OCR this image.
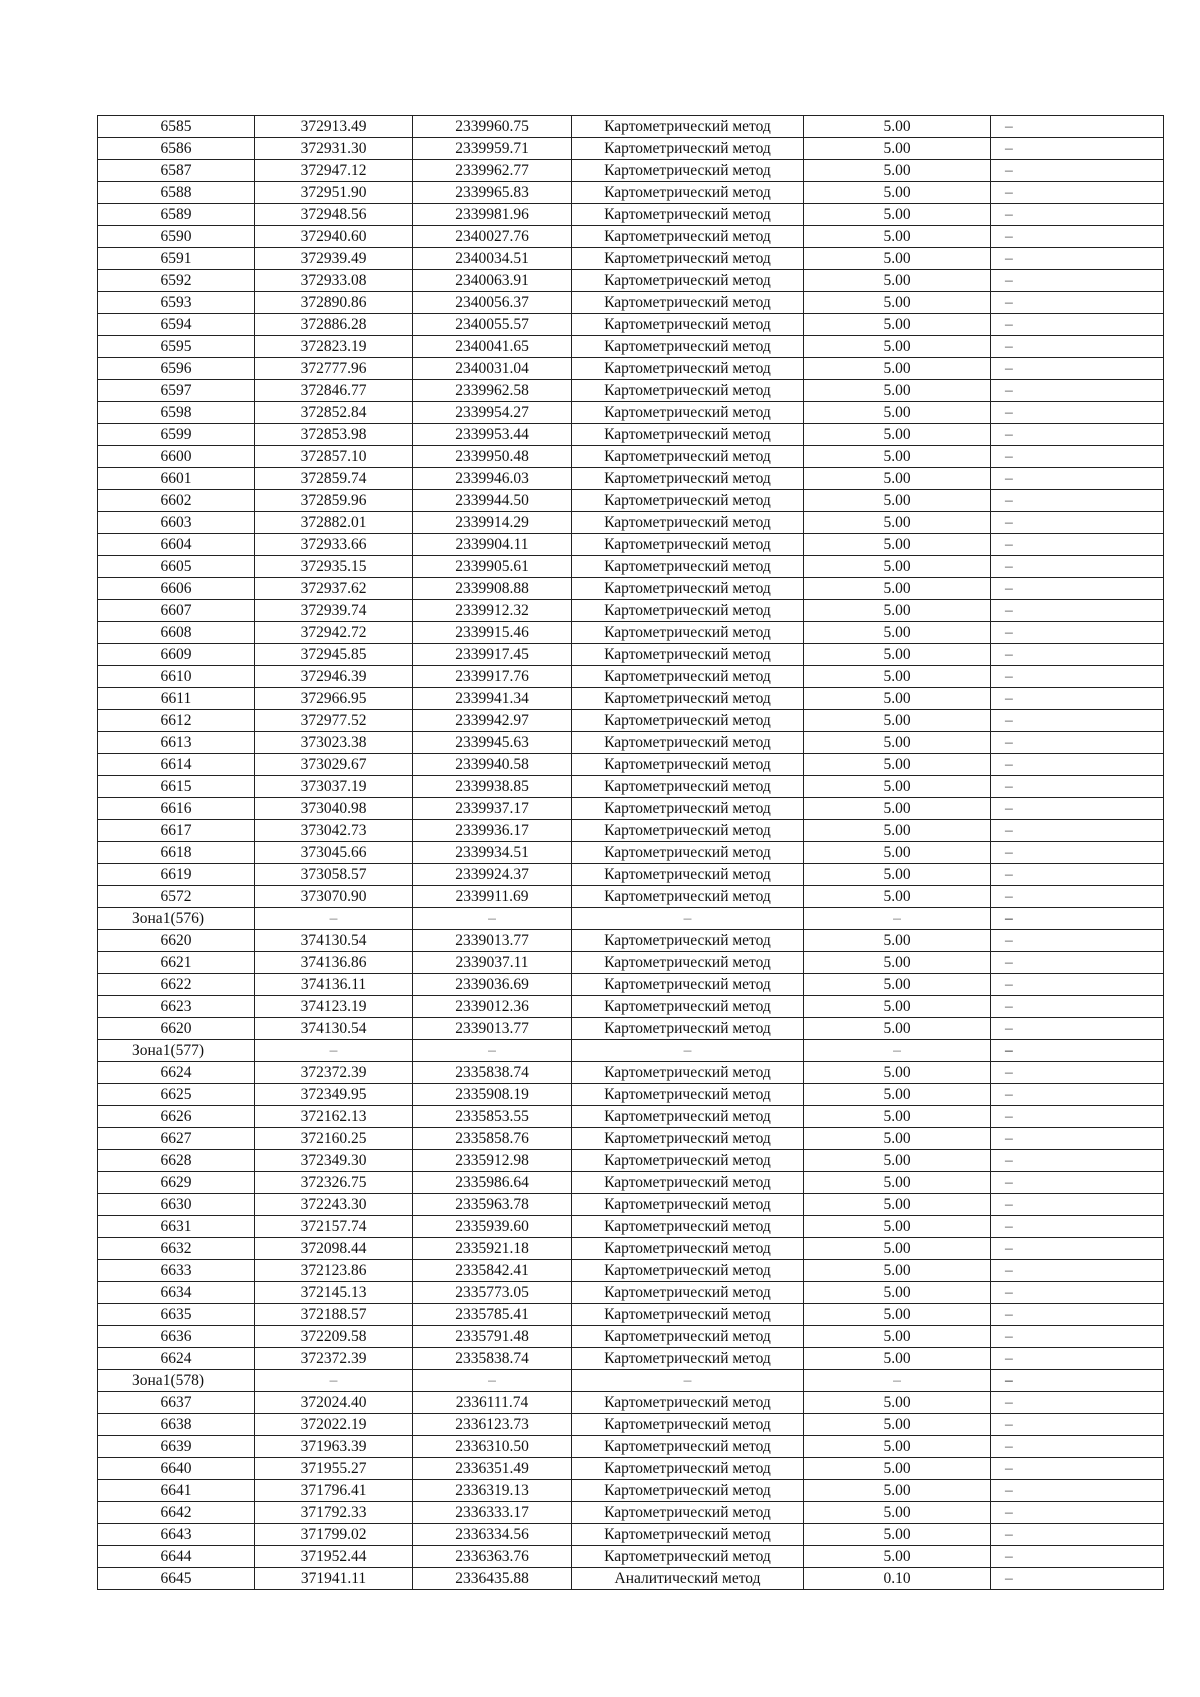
6585	372913.49	2339960.75	Картометрический метод	5.00	–
6586	372931.30	2339959.71	Картометрический метод	5.00	–
6587	372947.12	2339962.77	Картометрический метод	5.00	–
6588	372951.90	2339965.83	Картометрический метод	5.00	–
6589	372948.56	2339981.96	Картометрический метод	5.00	–
6590	372940.60	2340027.76	Картометрический метод	5.00	–
6591	372939.49	2340034.51	Картометрический метод	5.00	–
6592	372933.08	2340063.91	Картометрический метод	5.00	–
6593	372890.86	2340056.37	Картометрический метод	5.00	–
6594	372886.28	2340055.57	Картометрический метод	5.00	–
6595	372823.19	2340041.65	Картометрический метод	5.00	–
6596	372777.96	2340031.04	Картометрический метод	5.00	–
6597	372846.77	2339962.58	Картометрический метод	5.00	–
6598	372852.84	2339954.27	Картометрический метод	5.00	–
6599	372853.98	2339953.44	Картометрический метод	5.00	–
6600	372857.10	2339950.48	Картометрический метод	5.00	–
6601	372859.74	2339946.03	Картометрический метод	5.00	–
6602	372859.96	2339944.50	Картометрический метод	5.00	–
6603	372882.01	2339914.29	Картометрический метод	5.00	–
6604	372933.66	2339904.11	Картометрический метод	5.00	–
6605	372935.15	2339905.61	Картометрический метод	5.00	–
6606	372937.62	2339908.88	Картометрический метод	5.00	–
6607	372939.74	2339912.32	Картометрический метод	5.00	–
6608	372942.72	2339915.46	Картометрический метод	5.00	–
6609	372945.85	2339917.45	Картометрический метод	5.00	–
6610	372946.39	2339917.76	Картометрический метод	5.00	–
6611	372966.95	2339941.34	Картометрический метод	5.00	–
6612	372977.52	2339942.97	Картометрический метод	5.00	–
6613	373023.38	2339945.63	Картометрический метод	5.00	–
6614	373029.67	2339940.58	Картометрический метод	5.00	–
6615	373037.19	2339938.85	Картометрический метод	5.00	–
6616	373040.98	2339937.17	Картометрический метод	5.00	–
6617	373042.73	2339936.17	Картометрический метод	5.00	–
6618	373045.66	2339934.51	Картометрический метод	5.00	–
6619	373058.57	2339924.37	Картометрический метод	5.00	–
6572	373070.90	2339911.69	Картометрический метод	5.00	–
Зона1(576)	–	–	–	–	–
6620	374130.54	2339013.77	Картометрический метод	5.00	–
6621	374136.86	2339037.11	Картометрический метод	5.00	–
6622	374136.11	2339036.69	Картометрический метод	5.00	–
6623	374123.19	2339012.36	Картометрический метод	5.00	–
6620	374130.54	2339013.77	Картометрический метод	5.00	–
Зона1(577)	–	–	–	–	–
6624	372372.39	2335838.74	Картометрический метод	5.00	–
6625	372349.95	2335908.19	Картометрический метод	5.00	–
6626	372162.13	2335853.55	Картометрический метод	5.00	–
6627	372160.25	2335858.76	Картометрический метод	5.00	–
6628	372349.30	2335912.98	Картометрический метод	5.00	–
6629	372326.75	2335986.64	Картометрический метод	5.00	–
6630	372243.30	2335963.78	Картометрический метод	5.00	–
6631	372157.74	2335939.60	Картометрический метод	5.00	–
6632	372098.44	2335921.18	Картометрический метод	5.00	–
6633	372123.86	2335842.41	Картометрический метод	5.00	–
6634	372145.13	2335773.05	Картометрический метод	5.00	–
6635	372188.57	2335785.41	Картометрический метод	5.00	–
6636	372209.58	2335791.48	Картометрический метод	5.00	–
6624	372372.39	2335838.74	Картометрический метод	5.00	–
Зона1(578)	–	–	–	–	–
6637	372024.40	2336111.74	Картометрический метод	5.00	–
6638	372022.19	2336123.73	Картометрический метод	5.00	–
6639	371963.39	2336310.50	Картометрический метод	5.00	–
6640	371955.27	2336351.49	Картометрический метод	5.00	–
6641	371796.41	2336319.13	Картометрический метод	5.00	–
6642	371792.33	2336333.17	Картометрический метод	5.00	–
6643	371799.02	2336334.56	Картометрический метод	5.00	–
6644	371952.44	2336363.76	Картометрический метод	5.00	–
6645	371941.11	2336435.88	Аналитический метод	0.10	–
